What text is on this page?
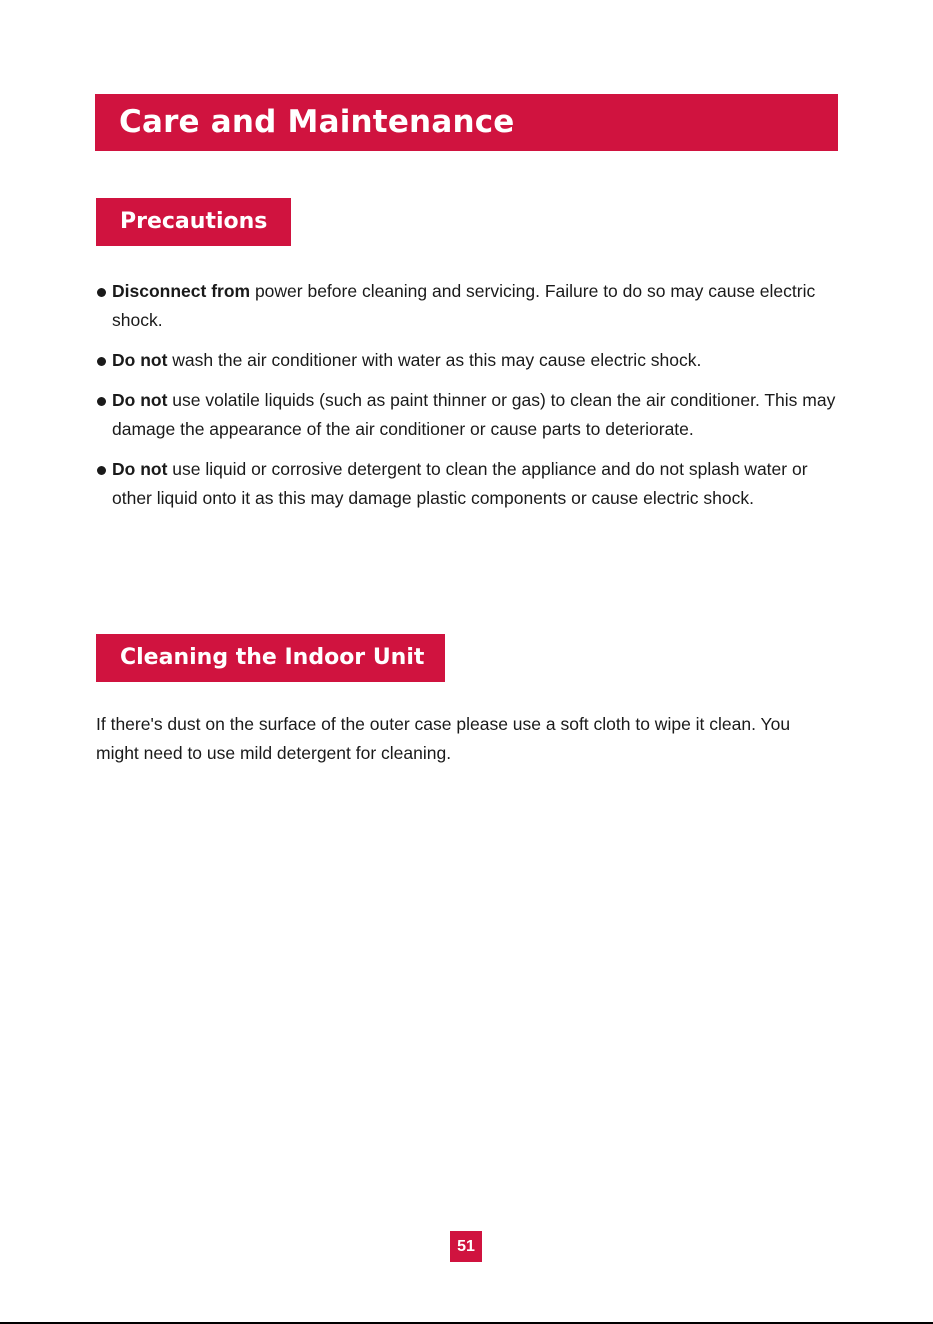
Care and Maintenance
Precautions
Disconnect from power before cleaning and servicing. Failure to do so may cause electric shock.
Do not wash the air conditioner with water as this may cause electric shock.
Do not use volatile liquids (such as paint thinner or gas) to clean the air conditioner. This may damage the appearance of the air conditioner or cause parts to deteriorate.
Do not use liquid or corrosive detergent to clean the appliance and do not splash water or other liquid onto it as this may damage plastic components or cause electric shock.
Cleaning the Indoor Unit

If there's dust on the surface of the outer case please use a soft cloth to wipe it clean. You might need to use mild detergent for cleaning.

51
